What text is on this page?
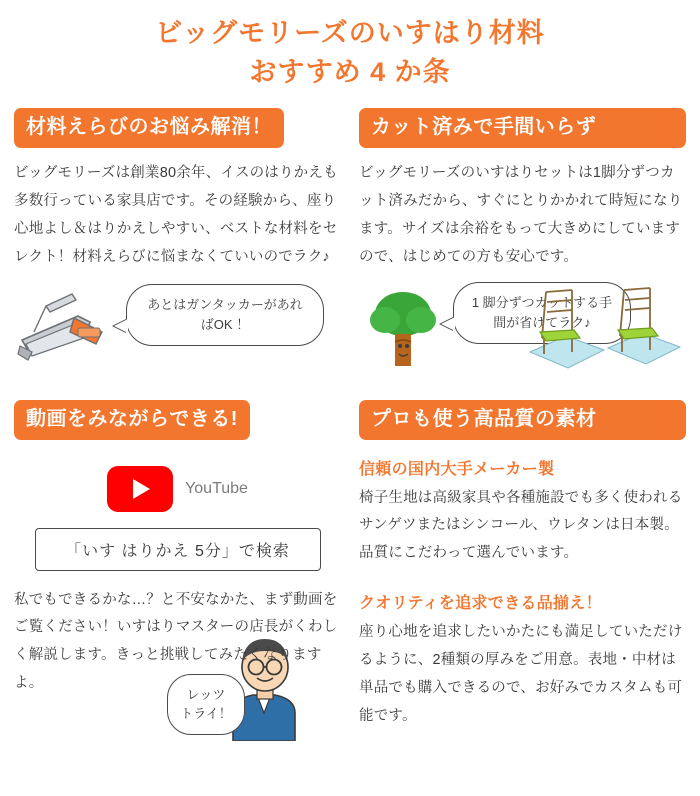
ビッグモリーズのいすはり材料
おすすめ 4 か条
材料えらびのお悩み解消！

ビッグモリーズは創業80余年、イスのはりかえも多数行っている家具店です。その経験から、座り心地よし＆はりかえしやすい、ベストな材料をセレクト！材料えらびに悩まなくていいのでラク♪

あとはガンタッカーがあればOK ！
動画をみながらできる!
YouTube
「いす はりかえ 5分」で検索

私でもできるかな…？と不安なかた、まず動画をご覧ください！いすはりマスターの店長がくわしく解説します。きっと挑戦してみたくなりますよ。

レッツ
トライ！
カット済みで手間いらず

ビッグモリーズのいすはりセットは1脚分ずつカット済みだから、すぐにとりかかれて時短になります。サイズは余裕をもって大きめにしていますので、はじめての方も安心です。

1 脚分ずつカットする手間が省けてラク♪
プロも使う高品質の素材
信頼の国内大手メーカー製
椅子生地は高級家具や各種施設でも多く使われるサンゲツまたはシンコール、ウレタンは日本製。品質にこだわって選んでいます。
クオリティを追求できる品揃え！
座り心地を追求したいかたにも満足していただけるように、2種類の厚みをご用意。表地・中材は単品でも購入できるので、お好みでカスタムも可能です。
